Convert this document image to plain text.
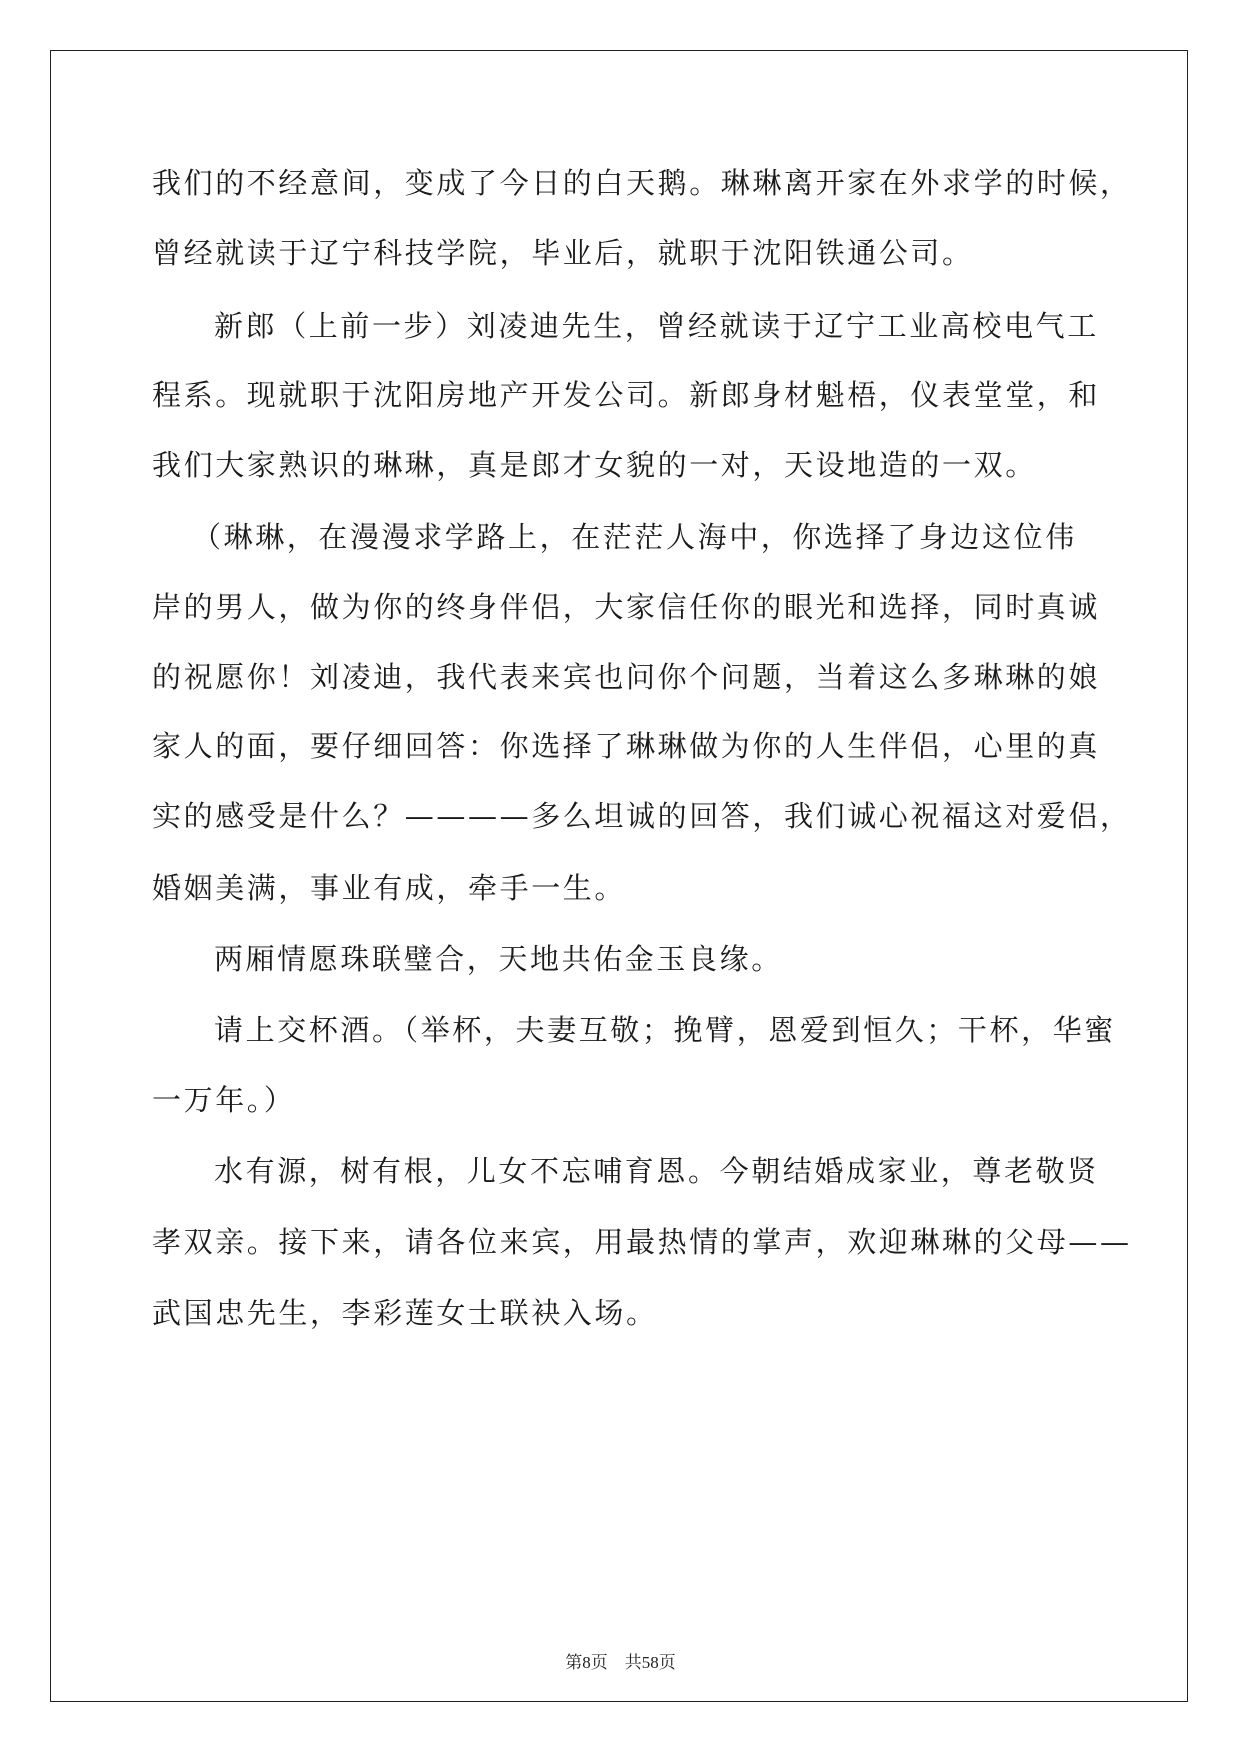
我们的不经意间，变成了今日的白天鹅。琳琳离开家在外求学的时候，
曾经就读于辽宁科技学院，毕业后，就职于沈阳铁通公司。
新郎（上前一步）刘凌迪先生，曾经就读于辽宁工业高校电气工
程系。现就职于沈阳房地产开发公司。新郎身材魁梧，仪表堂堂，和
我们大家熟识的琳琳，真是郎才女貌的一对，天设地造的一双。
（琳琳，在漫漫求学路上，在茫茫人海中，你选择了身边这位伟
岸的男人，做为你的终身伴侣，大家信任你的眼光和选择，同时真诚
的祝愿你！刘凌迪，我代表来宾也问你个问题，当着这么多琳琳的娘
家人的面，要仔细回答：你选择了琳琳做为你的人生伴侣，心里的真
实的感受是什么？————多么坦诚的回答，我们诚心祝福这对爱侣，
婚姻美满，事业有成，牵手一生。
两厢情愿珠联璧合，天地共佑金玉良缘。
请上交杯酒。（举杯，夫妻互敬；挽臂，恩爱到恒久；干杯，华蜜
一万年。）
水有源，树有根，儿女不忘哺育恩。今朝结婚成家业，尊老敬贤
孝双亲。接下来，请各位来宾，用最热情的掌声，欢迎琳琳的父母——
武国忠先生，李彩莲女士联袂入场。
第8页　共58页
